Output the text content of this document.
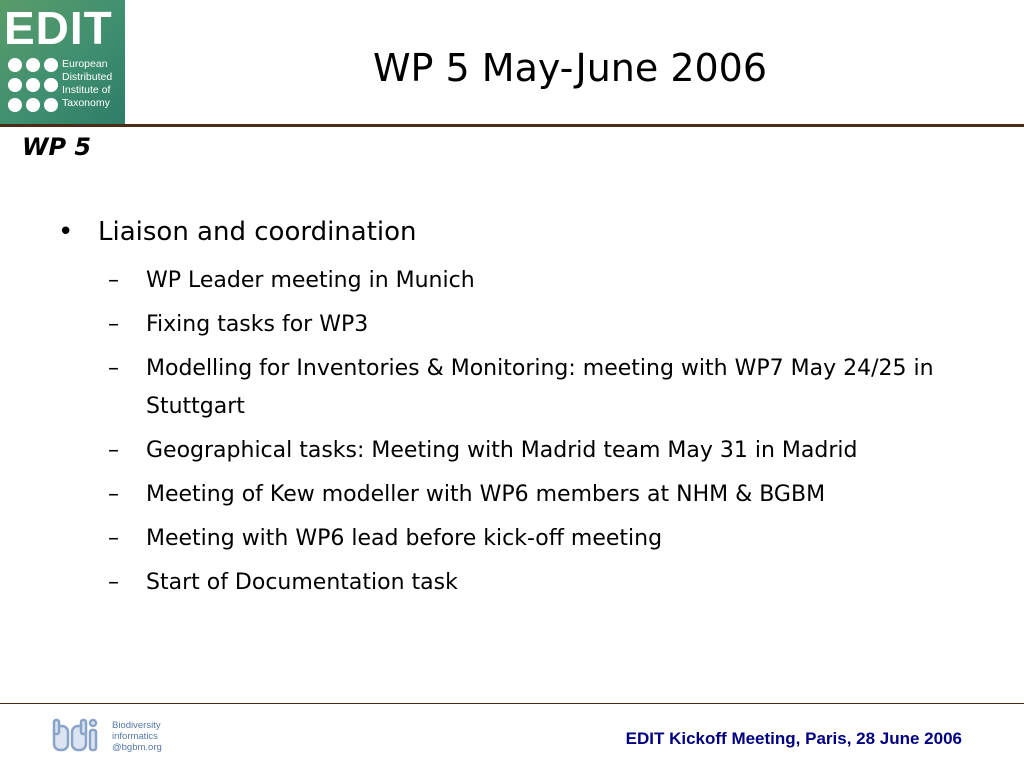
EDIT
European
Distributed
Institute of
Taxonomy
WP 5 May-June 2006
WP 5
• Liaison and coordination
– WP Leader meeting in Munich
– Fixing tasks for WP3
– Modelling for Inventories & Monitoring: meeting with WP7 May 24/25 in Stuttgart
– Geographical tasks: Meeting with Madrid team May 31 in Madrid
– Meeting of Kew modeller with WP6 members at NHM & BGBM
– Meeting with WP6 lead before kick-off meeting
– Start of Documentation task
Biodiversity
informatics
@bgbm.org	EDIT Kickoff Meeting, Paris, 28 June 2006
